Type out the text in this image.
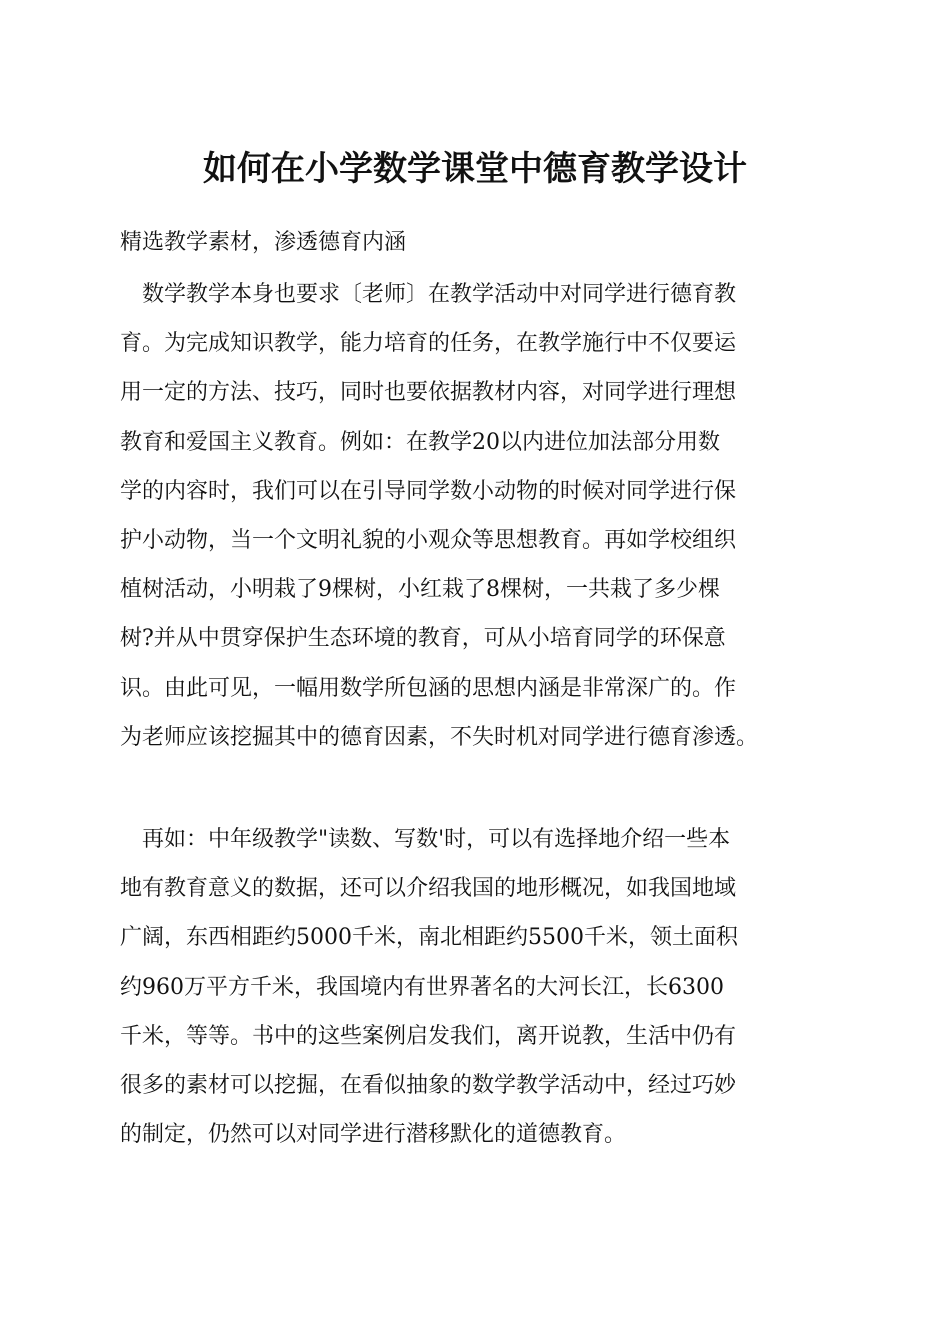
如何在小学数学课堂中德育教学设计
精选教学素材，渗透德育内涵
　数学教学本身也要求〔老师〕在教学活动中对同学进行德育教
育。为完成知识教学，能力培育的任务，在教学施行中不仅要运
用一定的方法、技巧，同时也要依据教材内容，对同学进行理想
教育和爱国主义教育。例如：在教学20以内进位加法部分用数
学的内容时，我们可以在引导同学数小动物的时候对同学进行保
护小动物，当一个文明礼貌的小观众等思想教育。再如学校组织
植树活动，小明栽了9棵树，小红栽了8棵树，一共栽了多少棵
树?并从中贯穿保护生态环境的教育，可从小培育同学的环保意
识。由此可见，一幅用数学所包涵的思想内涵是非常深广的。作
为老师应该挖掘其中的德育因素，不失时机对同学进行德育渗透。
　再如：中年级教学"读数、写数'时，可以有选择地介绍一些本
地有教育意义的数据，还可以介绍我国的地形概况，如我国地域
广阔，东西相距约5000千米，南北相距约5500千米，领土面积
约960万平方千米，我国境内有世界著名的大河长江，长6300
千米，等等。书中的这些案例启发我们，离开说教，生活中仍有
很多的素材可以挖掘，在看似抽象的数学教学活动中，经过巧妙
的制定，仍然可以对同学进行潜移默化的道德教育。
